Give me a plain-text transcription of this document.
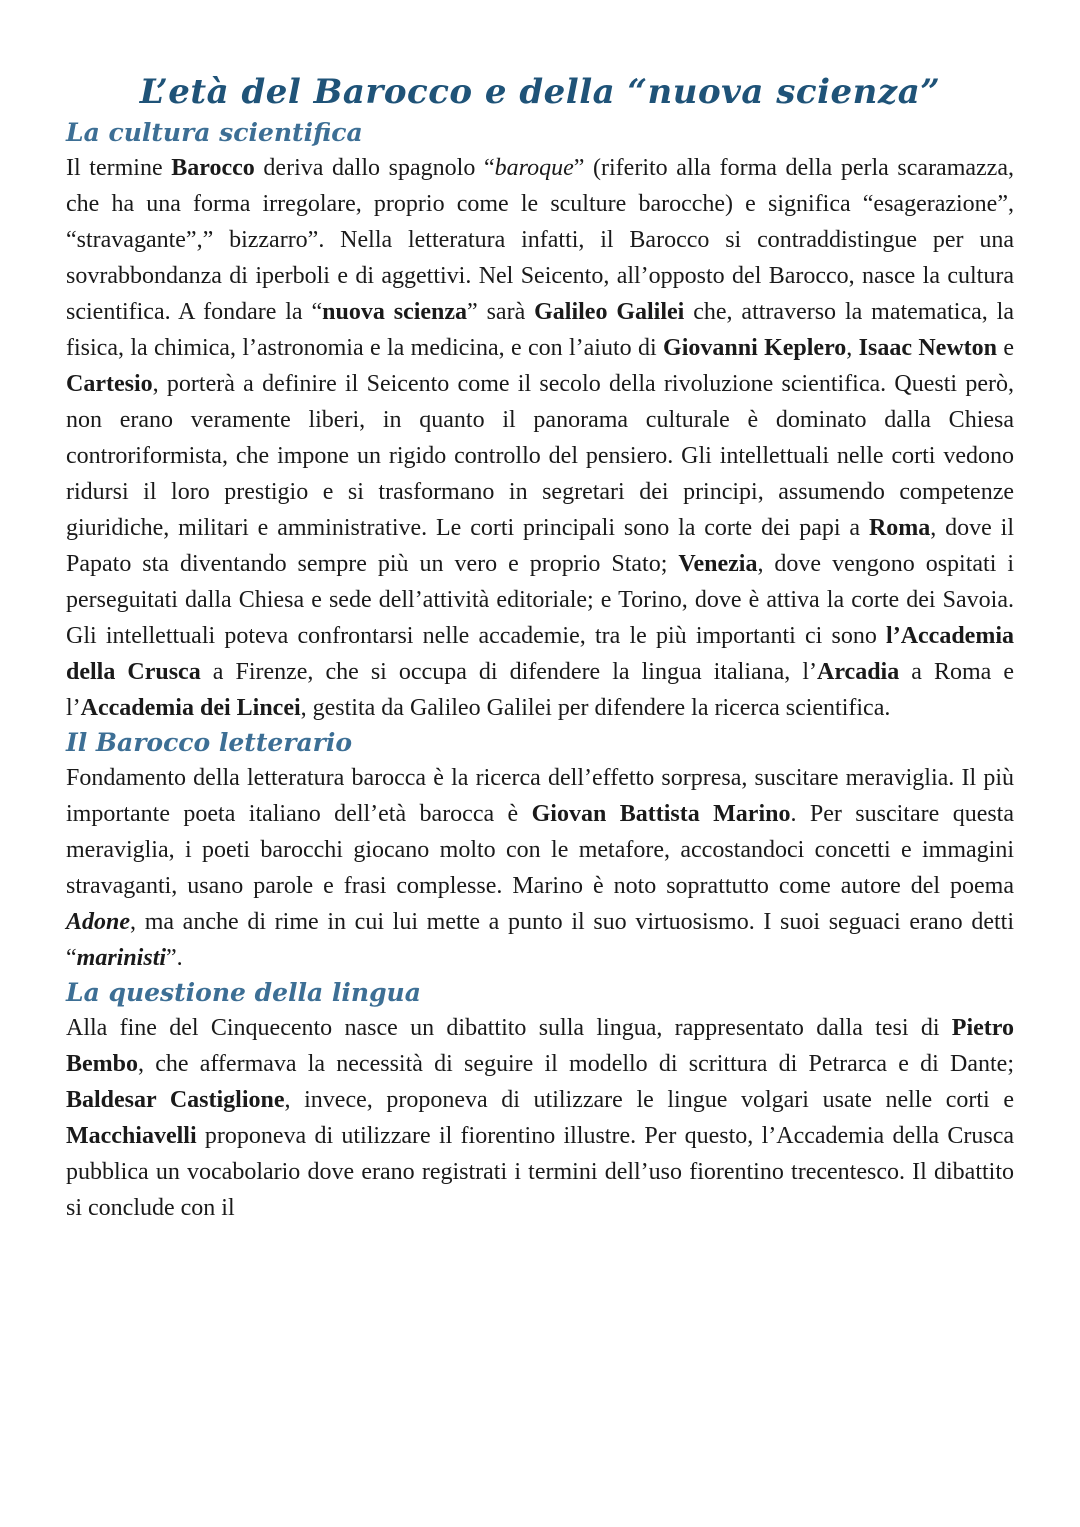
L’età del Barocco e della “nuova scienza”
La cultura scientifica

Il termine Barocco deriva dallo spagnolo “baroque” (riferito alla forma della perla scaramazza, che ha una forma irregolare, proprio come le sculture barocche) e significa “esagerazione”, “stravagante”,” bizzarro”. Nella letteratura infatti, il Barocco si contraddistingue per una sovrabbondanza di iperboli e di aggettivi. Nel Seicento, all’opposto del Barocco, nasce la cultura scientifica. A fondare la “nuova scienza” sarà Galileo Galilei che, attraverso la matematica, la fisica, la chimica, l’astronomia e la medicina, e con l’aiuto di Giovanni Keplero, Isaac Newton e Cartesio, porterà a definire il Seicento come il secolo della rivoluzione scientifica. Questi però, non erano veramente liberi, in quanto il panorama culturale è dominato dalla Chiesa controriformista, che impone un rigido controllo del pensiero. Gli intellettuali nelle corti vedono ridursi il loro prestigio e si trasformano in segretari dei principi, assumendo competenze giuridiche, militari e amministrative. Le corti principali sono la corte dei papi a Roma, dove il Papato sta diventando sempre più un vero e proprio Stato; Venezia, dove vengono ospitati i perseguitati dalla Chiesa e sede dell’attività editoriale; e Torino, dove è attiva la corte dei Savoia. Gli intellettuali poteva confrontarsi nelle accademie, tra le più importanti ci sono l’Accademia della Crusca a Firenze, che si occupa di difendere la lingua italiana, l’Arcadia a Roma e l’Accademia dei Lincei, gestita da Galileo Galilei per difendere la ricerca scientifica.

Il Barocco letterario

Fondamento della letteratura barocca è la ricerca dell’effetto sorpresa, suscitare meraviglia. Il più importante poeta italiano dell’età barocca è Giovan Battista Marino. Per suscitare questa meraviglia, i poeti barocchi giocano molto con le metafore, accostandoci concetti e immagini stravaganti, usano parole e frasi complesse. Marino è noto soprattutto come autore del poema Adone, ma anche di rime in cui lui mette a punto il suo virtuosismo. I suoi seguaci erano detti “marinisti”.

La questione della lingua

Alla fine del Cinquecento nasce un dibattito sulla lingua, rappresentato dalla tesi di Pietro Bembo, che affermava la necessità di seguire il modello di scrittura di Petrarca e di Dante; Baldesar Castiglione, invece, proponeva di utilizzare le lingue volgari usate nelle corti e Macchiavelli proponeva di utilizzare il fiorentino illustre. Per questo, l’Accademia della Crusca pubblica un vocabolario dove erano registrati i termini dell’uso fiorentino trecentesco. Il dibattito si conclude con il
